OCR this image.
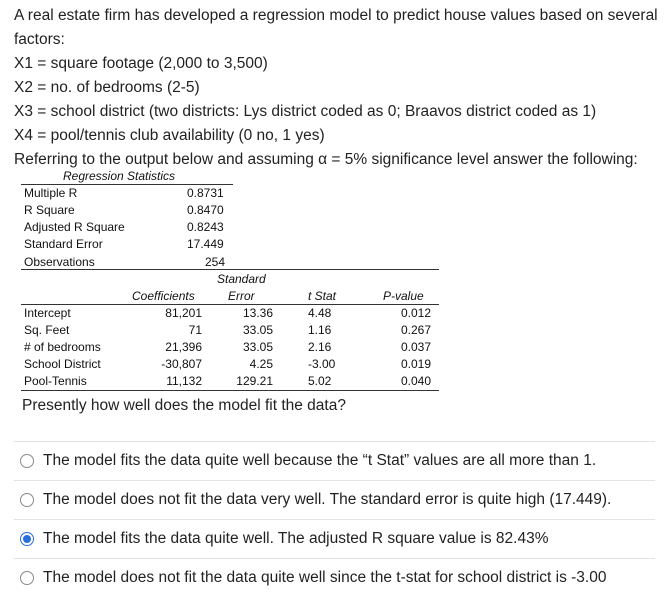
A real estate firm has developed a regression model to predict house values based on several factors:

X1 = square footage (2,000 to 3,500)

X2 = no. of bedrooms (2-5)

X3 = school district (two districts: Lys district coded as 0; Braavos district coded as 1)

X4 = pool/tennis club availability (0 no, 1 yes)

Referring to the output below and assuming α = 5% significance level answer the following:

Regression Statistics
Multiple R	0.8731
R Square	0.8470
Adjusted R Square	0.8243
Standard Error	17.449
Observations	254
Standard
Coefficients	Error	t Stat	P-value
Intercept	81,201	13.36	4.48	0.012
Sq. Feet	71	33.05	1.16	0.267
# of bedrooms	21,396	33.05	2.16	0.037
School District	-30,807	4.25	-3.00	0.019
Pool-Tennis	11,132	129.21	5.02	0.040
Presently how well does the model fit the data?
The model fits the data quite well because the “t Stat” values are all more than 1.
The model does not fit the data very well. The standard error is quite high (17.449).
The model fits the data quite well. The adjusted R square value is 82.43%
The model does not fit the data quite well since the t-stat for school district is -3.00
